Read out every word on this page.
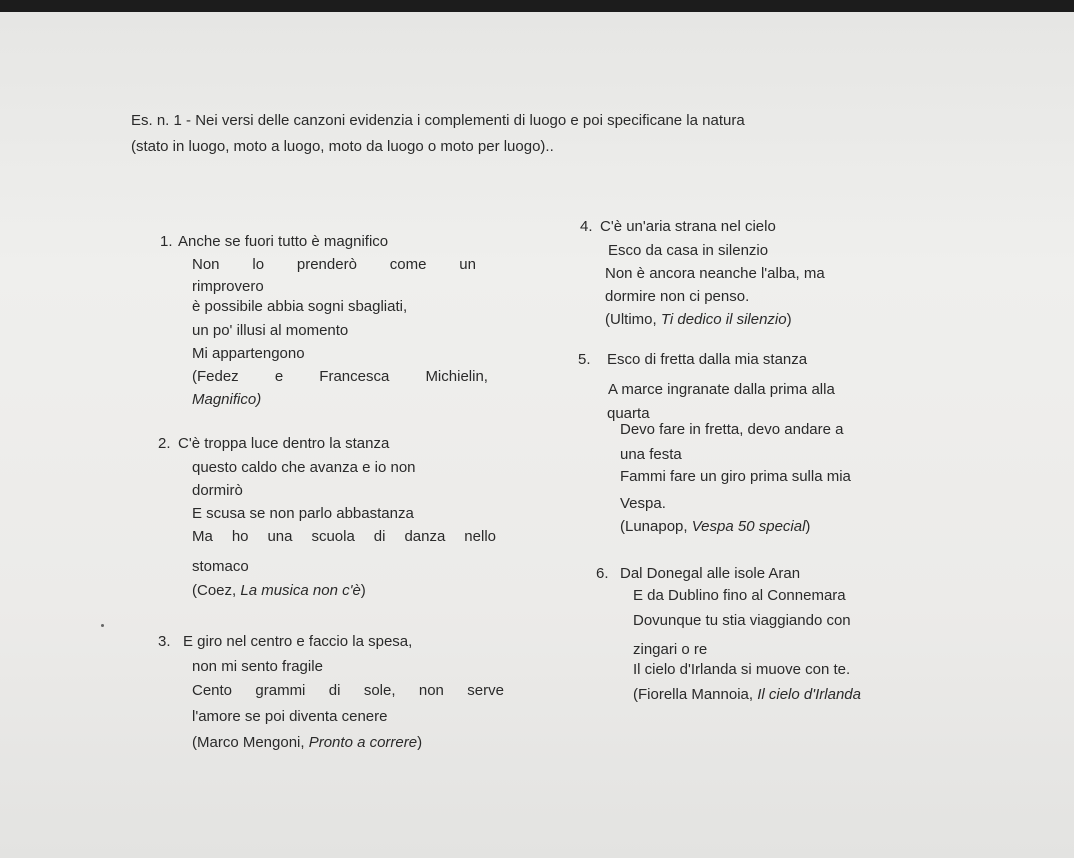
Es. n. 1 - Nei versi delle canzoni evidenzia i complementi di luogo e poi specificane la natura

(stato in luogo, moto a luogo, moto da luogo o moto per luogo)..

1. Anche se fuori tutto è magnifico

Non lo prenderò come un

rimprovero

è possibile abbia sogni sbagliati,

un po' illusi al momento

Mi appartengono

(Fedez e Francesca Michielin,

Magnifico)

2. C'è troppa luce dentro la stanza

questo caldo che avanza e io non

dormirò

E scusa se non parlo abbastanza

Ma ho una scuola di danza nello

stomaco

(Coez, La musica non c'è)

3. E giro nel centro e faccio la spesa,

non mi sento fragile

Cento grammi di sole, non serve

l'amore se poi diventa cenere

(Marco Mengoni, Pronto a correre)

4. C'è un'aria strana nel cielo

Esco da casa in silenzio

Non è ancora neanche l'alba, ma

dormire non ci penso.

(Ultimo, Ti dedico il silenzio)

5. Esco di fretta dalla mia stanza

A marce ingranate dalla prima alla

quarta

Devo fare in fretta, devo andare a

una festa

Fammi fare un giro prima sulla mia

Vespa.

(Lunapop, Vespa 50 special)

6. Dal Donegal alle isole Aran

E da Dublino fino al Connemara

Dovunque tu stia viaggiando con

zingari o re

Il cielo d'Irlanda si muove con te.

(Fiorella Mannoia, Il cielo d'Irlanda
